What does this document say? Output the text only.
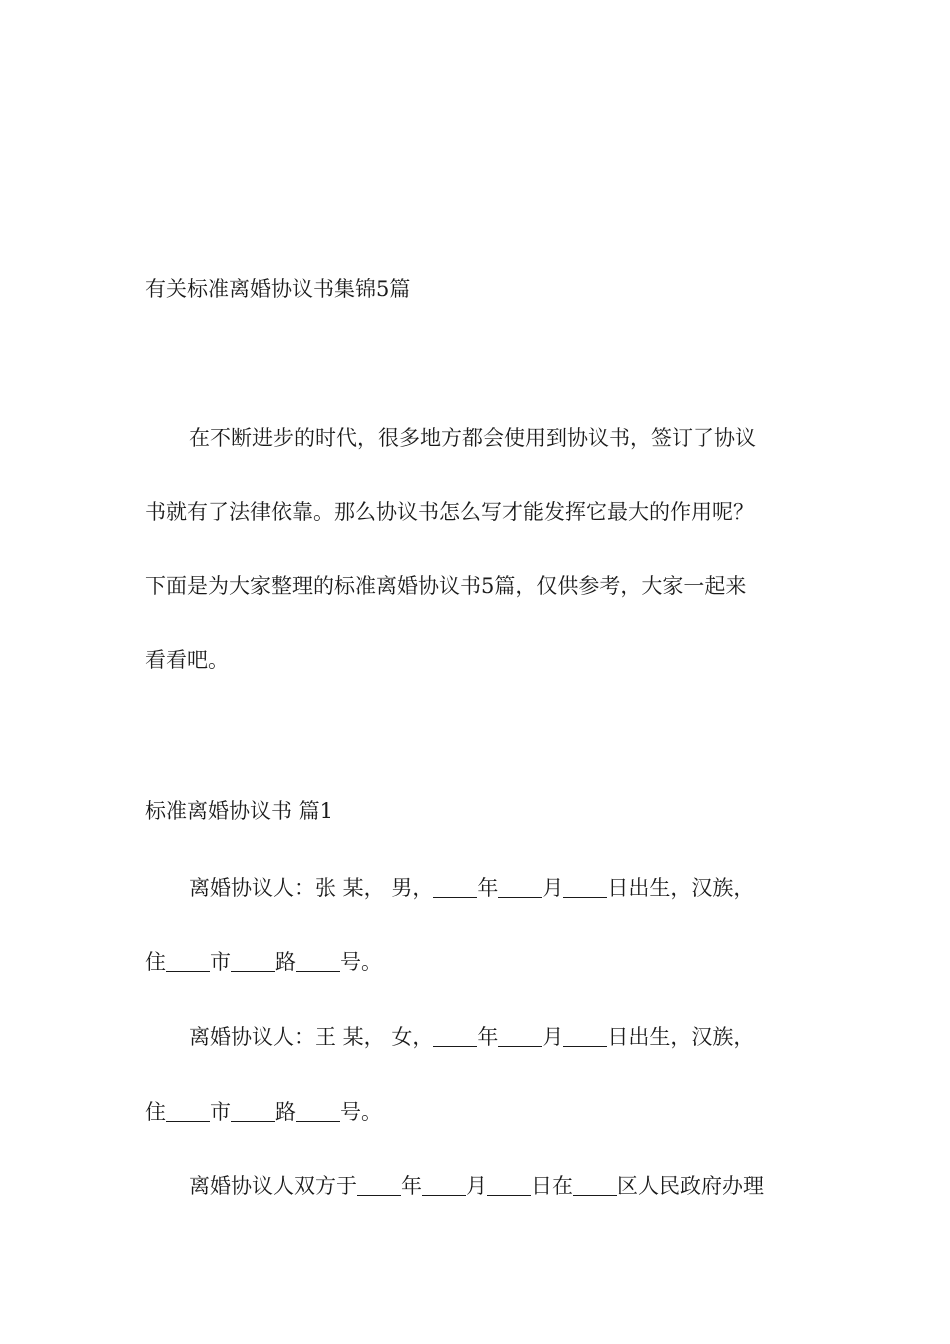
有关标准离婚协议书集锦5篇
在不断进步的时代，很多地方都会使用到协议书，签订了协议
书就有了法律依靠。那么协议书怎么写才能发挥它最大的作用呢？
下面是为大家整理的标准离婚协议书5篇，仅供参考，大家一起来
看看吧。
标准离婚协议书 篇1
离婚协议人：张 某， 男， 年 月 日出生，汉族，
住 市 路 号。
离婚协议人：王 某， 女， 年 月 日出生，汉族，
住 市 路 号。
离婚协议人双方于 年 月 日在 区人民政府办理
